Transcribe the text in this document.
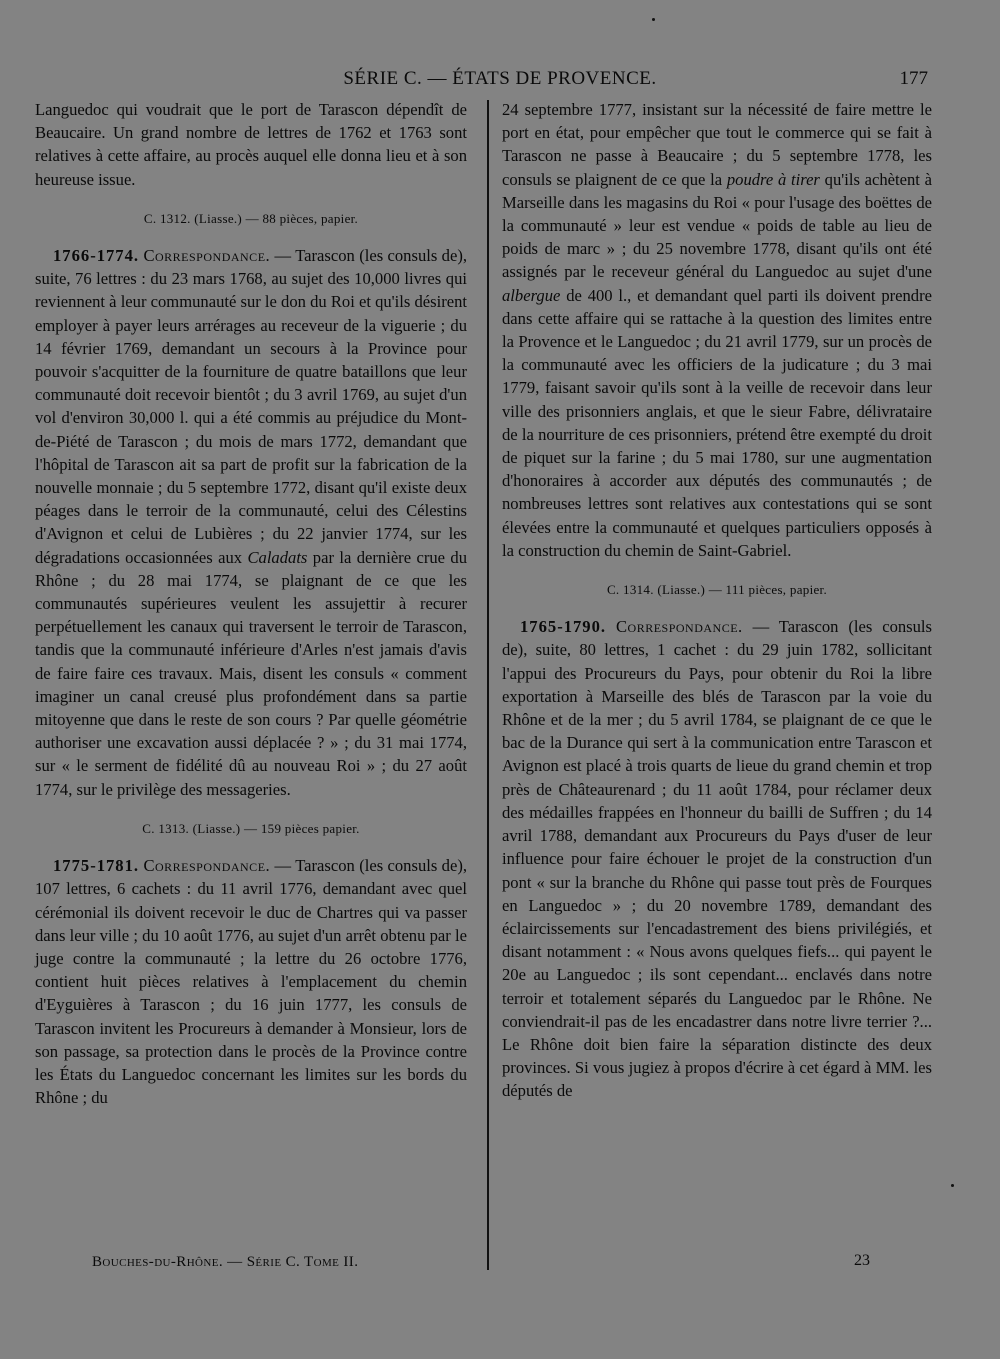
SÉRIE C. — ÉTATS DE PROVENCE.	177

Languedoc qui voudrait que le port de Tarascon dépendît de Beaucaire. Un grand nombre de lettres de 1762 et 1763 sont relatives à cette affaire, au procès auquel elle donna lieu et à son heureuse issue.

C. 1312. (Liasse.) — 88 pièces, papier.

1766-1774. Correspondance. — Tarascon (les consuls de), suite, 76 lettres : du 23 mars 1768, au sujet des 10,000 livres qui reviennent à leur communauté sur le don du Roi et qu'ils désirent employer à payer leurs arrérages au receveur de la viguerie ; du 14 février 1769, demandant un secours à la Province pour pouvoir s'acquitter de la fourniture de quatre bataillons que leur communauté doit recevoir bientôt ; du 3 avril 1769, au sujet d'un vol d'environ 30,000 l. qui a été commis au préjudice du Mont-de-Piété de Tarascon ; du mois de mars 1772, demandant que l'hôpital de Tarascon ait sa part de profit sur la fabrication de la nouvelle monnaie ; du 5 septembre 1772, disant qu'il existe deux péages dans le terroir de la communauté, celui des Célestins d'Avignon et celui de Lubières ; du 22 janvier 1774, sur les dégradations occasionnées aux Caladats par la dernière crue du Rhône ; du 28 mai 1774, se plaignant de ce que les communautés supérieures veulent les assujettir à recurer perpétuellement les canaux qui traversent le terroir de Tarascon, tandis que la communauté inférieure d'Arles n'est jamais d'avis de faire faire ces travaux. Mais, disent les consuls « comment imaginer un canal creusé plus profondément dans sa partie mitoyenne que dans le reste de son cours ? Par quelle géométrie authoriser une excavation aussi déplacée ? » ; du 31 mai 1774, sur « le serment de fidélité dû au nouveau Roi » ; du 27 août 1774, sur le privilège des messageries.

C. 1313. (Liasse.) — 159 pièces papier.

1775-1781. Correspondance. — Tarascon (les consuls de), 107 lettres, 6 cachets : du 11 avril 1776, demandant avec quel cérémonial ils doivent recevoir le duc de Chartres qui va passer dans leur ville ; du 10 août 1776, au sujet d'un arrêt obtenu par le juge contre la communauté ; la lettre du 26 octobre 1776, contient huit pièces relatives à l'emplacement du chemin d'Eyguières à Tarascon ; du 16 juin 1777, les consuls de Tarascon invitent les Procureurs à demander à Monsieur, lors de son passage, sa protection dans le procès de la Province contre les États du Languedoc concernant les limites sur les bords du Rhône ; du

24 septembre 1777, insistant sur la nécessité de faire mettre le port en état, pour empêcher que tout le commerce qui se fait à Tarascon ne passe à Beaucaire ; du 5 septembre 1778, les consuls se plaignent de ce que la poudre à tirer qu'ils achètent à Marseille dans les magasins du Roi « pour l'usage des boëttes de la communauté » leur est vendue « poids de table au lieu de poids de marc » ; du 25 novembre 1778, disant qu'ils ont été assignés par le receveur général du Languedoc au sujet d'une albergue de 400 l., et demandant quel parti ils doivent prendre dans cette affaire qui se rattache à la question des limites entre la Provence et le Languedoc ; du 21 avril 1779, sur un procès de la communauté avec les officiers de la judicature ; du 3 mai 1779, faisant savoir qu'ils sont à la veille de recevoir dans leur ville des prisonniers anglais, et que le sieur Fabre, délivrataire de la nourriture de ces prisonniers, prétend être exempté du droit de piquet sur la farine ; du 5 mai 1780, sur une augmentation d'honoraires à accorder aux députés des communautés ; de nombreuses lettres sont relatives aux contestations qui se sont élevées entre la communauté et quelques particuliers opposés à la construction du chemin de Saint-Gabriel.

C. 1314. (Liasse.) — 111 pièces, papier.

1765-1790. Correspondance. — Tarascon (les consuls de), suite, 80 lettres, 1 cachet : du 29 juin 1782, sollicitant l'appui des Procureurs du Pays, pour obtenir du Roi la libre exportation à Marseille des blés de Tarascon par la voie du Rhône et de la mer ; du 5 avril 1784, se plaignant de ce que le bac de la Durance qui sert à la communication entre Tarascon et Avignon est placé à trois quarts de lieue du grand chemin et trop près de Châteaurenard ; du 11 août 1784, pour réclamer deux des médailles frappées en l'honneur du bailli de Suffren ; du 14 avril 1788, demandant aux Procureurs du Pays d'user de leur influence pour faire échouer le projet de la construction d'un pont « sur la branche du Rhône qui passe tout près de Fourques en Languedoc » ; du 20 novembre 1789, demandant des éclaircissements sur l'encadastrement des biens privilégiés, et disant notamment : « Nous avons quelques fiefs... qui payent le 20e au Languedoc ; ils sont cependant... enclavés dans notre terroir et totalement séparés du Languedoc par le Rhône. Ne conviendrait-il pas de les encadastrer dans notre livre terrier ?... Le Rhône doit bien faire la séparation distincte des deux provinces. Si vous jugiez à propos d'écrire à cet égard à MM. les députés de

Bouches-du-Rhône. — Série C. Tome II.	23
